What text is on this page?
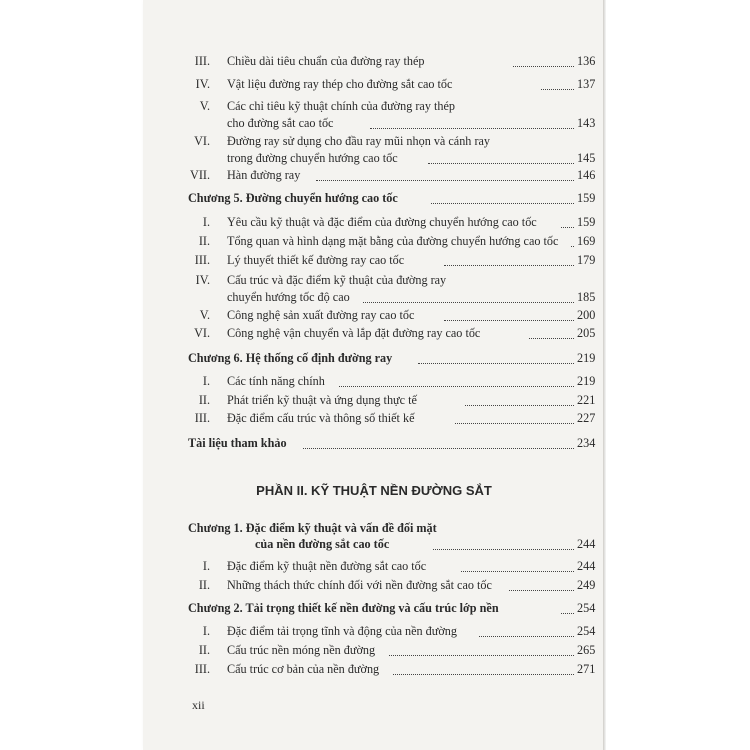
III. Chiều dài tiêu chuẩn của đường ray thép	136
IV. Vật liệu đường ray thép cho đường sắt cao tốc	137
V. Các chỉ tiêu kỹ thuật chính của đường ray thép
cho đường sắt cao tốc	143
VI. Đường ray sử dụng cho đầu ray mũi nhọn và cánh ray
trong đường chuyển hướng cao tốc	145
VII. Hàn đường ray	146
Chương 5. Đường chuyển hướng cao tốc	159
I. Yêu cầu kỹ thuật và đặc điểm của đường chuyển hướng cao tốc	159
II. Tổng quan và hình dạng mặt bằng của đường chuyển hướng cao tốc 169
III. Lý thuyết thiết kế đường ray cao tốc	179
IV. Cấu trúc và đặc điểm kỹ thuật của đường ray
chuyển hướng tốc độ cao	185
V. Công nghệ sản xuất đường ray cao tốc	200
VI. Công nghệ vận chuyển và lắp đặt đường ray cao tốc	205
Chương 6. Hệ thống cố định đường ray	219
I. Các tính năng chính	219
II. Phát triển kỹ thuật và ứng dụng thực tế	221
III. Đặc điểm cấu trúc và thông số thiết kế	227
Tài liệu tham khảo	234
PHẦN II. KỸ THUẬT NỀN ĐƯỜNG SẮT
Chương 1. Đặc điểm kỹ thuật và vấn đề đối mặt
của nền đường sắt cao tốc	244
I. Đặc điểm kỹ thuật nền đường sắt cao tốc	244
II. Những thách thức chính đối với nền đường sắt cao tốc	249
Chương 2. Tải trọng thiết kế nền đường và cấu trúc lớp nền	254
I. Đặc điểm tải trọng tĩnh và động của nền đường	254
II. Cấu trúc nền móng nền đường	265
III. Cấu trúc cơ bản của nền đường	271
xii
